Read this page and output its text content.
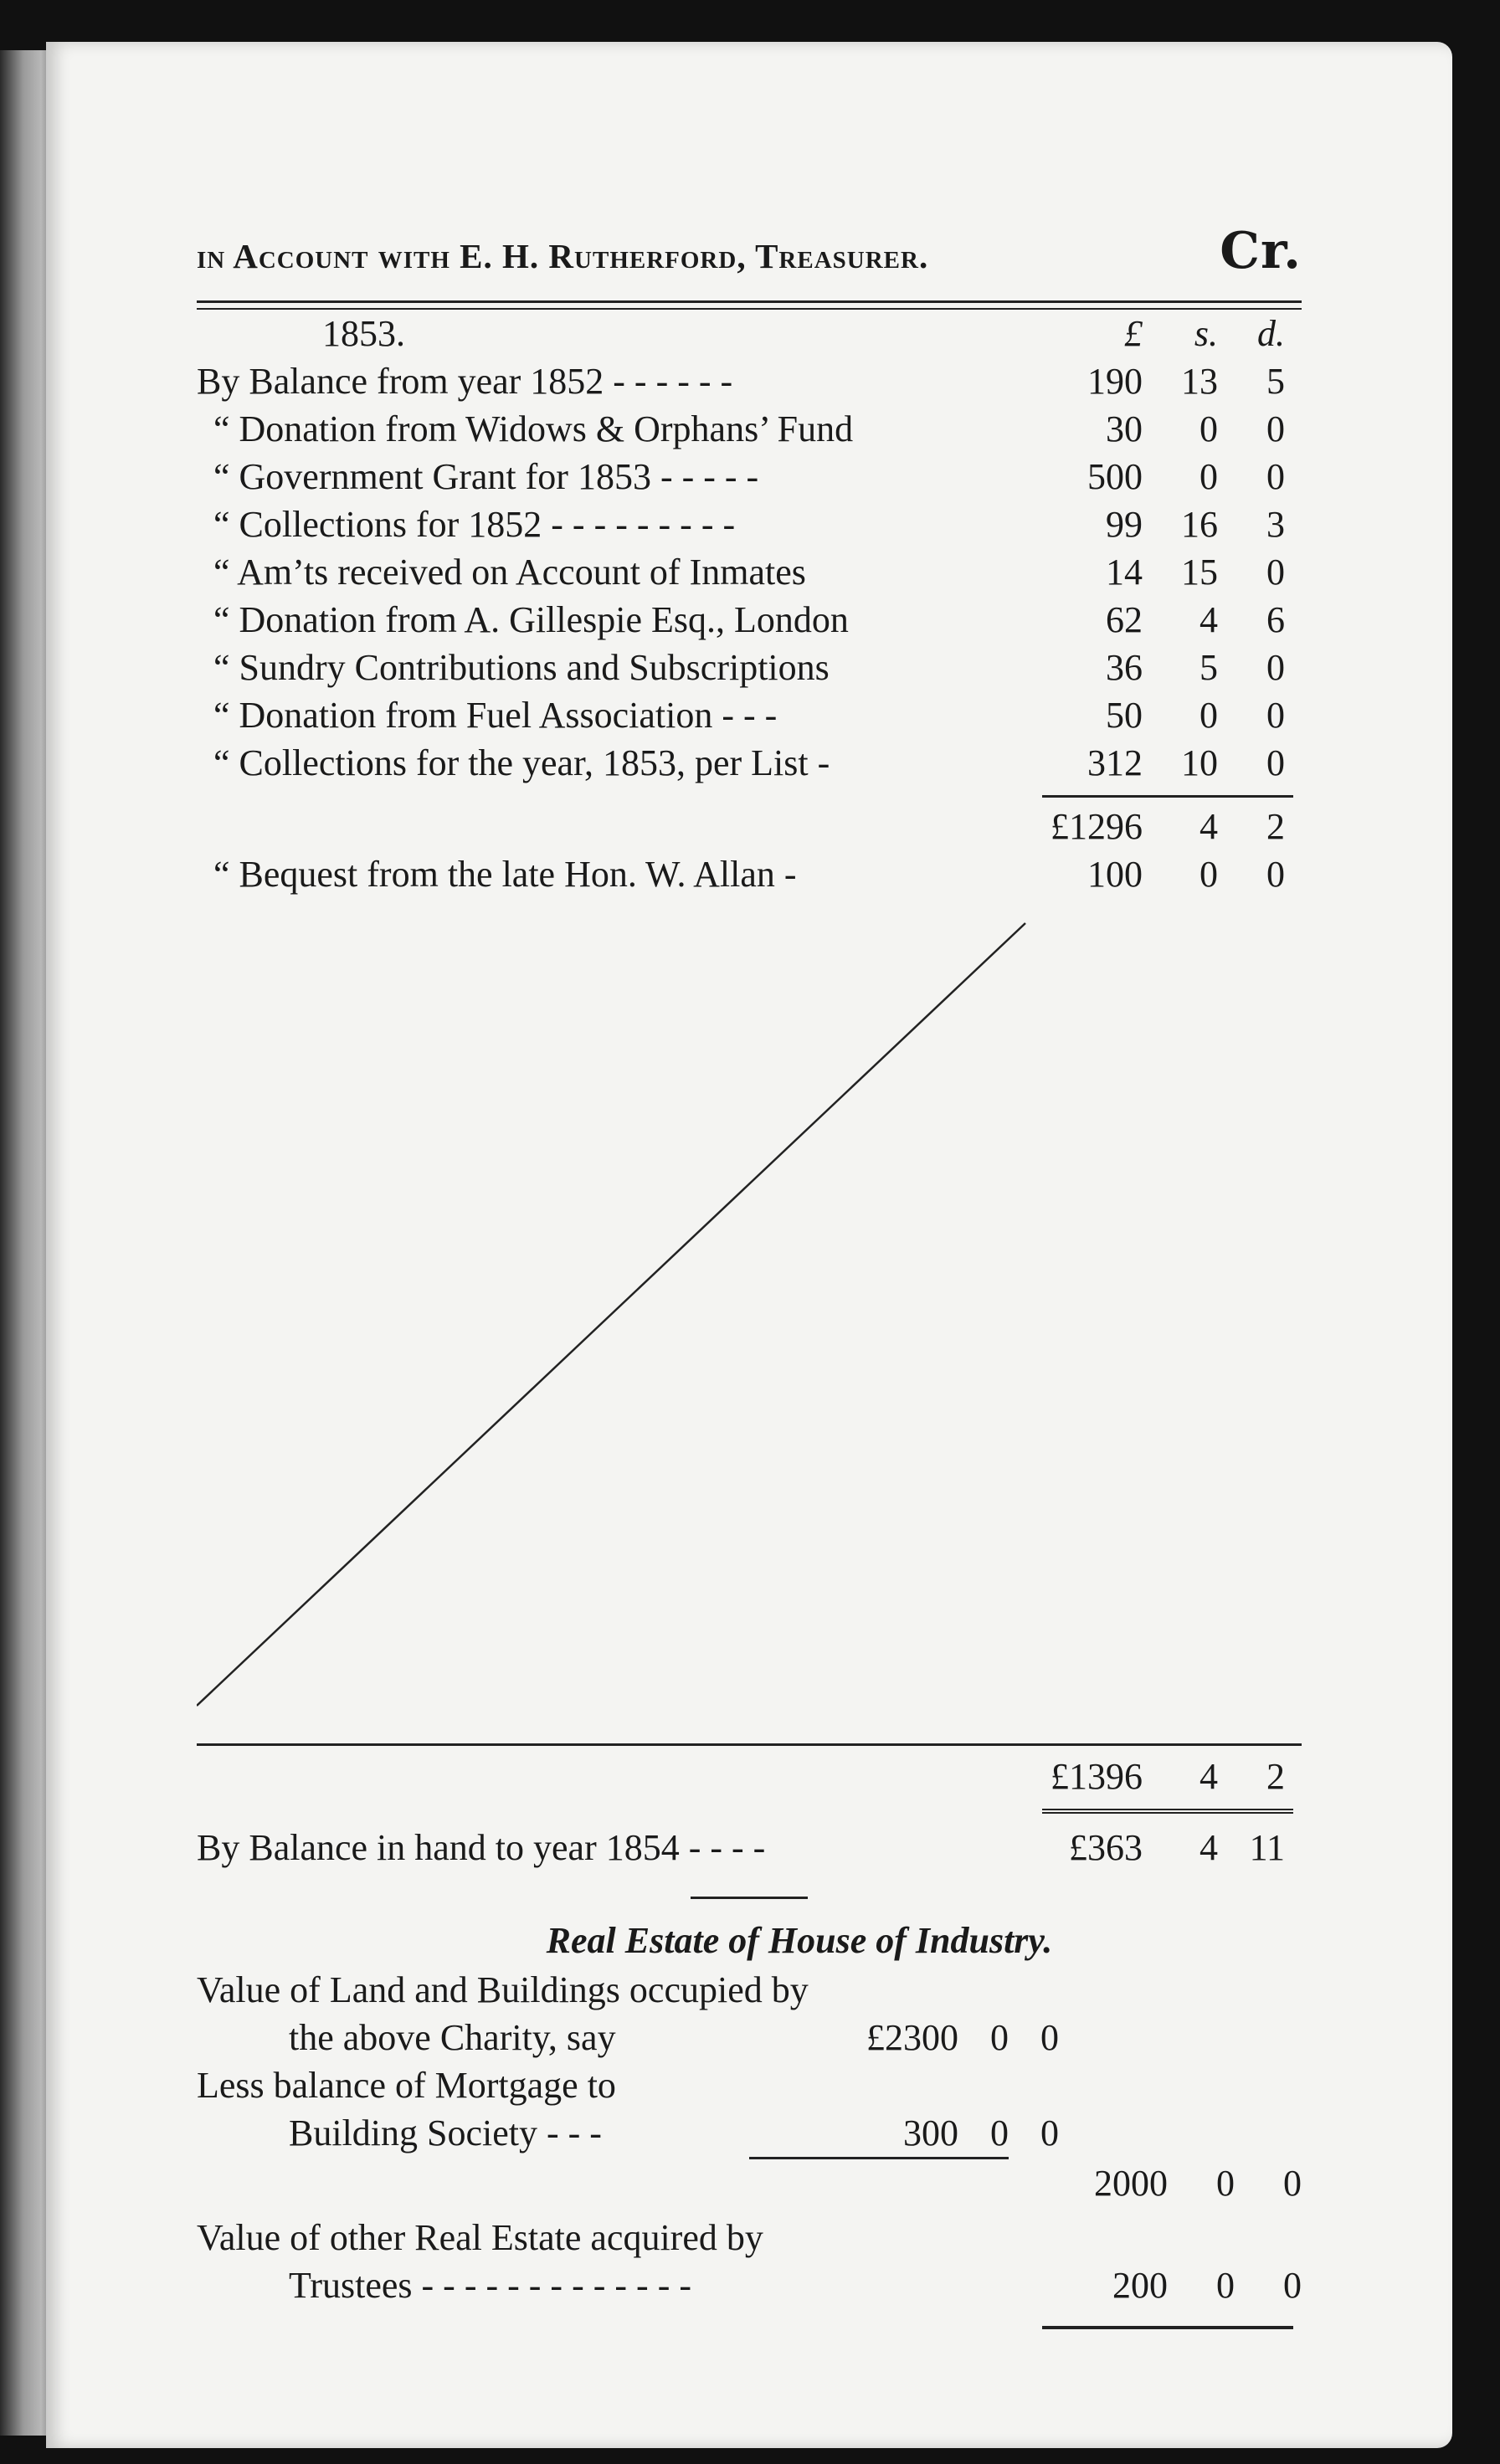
in Account with E. H. Rutherford, Treasurer.	Cr.
1853.	£	s.	d.
By Balance from year 1852 - - - - - -	190	13	5
“ Donation from Widows & Orphans’ Fund	30	0	0
“ Government Grant for 1853 - - - - -	500	0	0
“ Collections for 1852 - - - - - - - - -	99	16	3
“ Am’ts received on Account of Inmates	14	15	0
“ Donation from A. Gillespie Esq., London	62	4	6
“ Sundry Contributions and Subscriptions	36	5	0
“ Donation from Fuel Association - - -	50	0	0
“ Collections for the year, 1853, per List -	312	10	0
£1296	4	2
“ Bequest from the late Hon. W. Allan -	100	0	0
£1396	4	2
By Balance in hand to year 1854 - - - -	£363	4 11
Real Estate of House of Industry.
Value of Land and Buildings occupied by
the above Charity, say	£2300 0 0
Less balance of Mortgage to
Building Society - - -	300 0 0
2000	0	0
Value of other Real Estate acquired by
Trustees - - - - - - - - - - - - -	200	0	0
